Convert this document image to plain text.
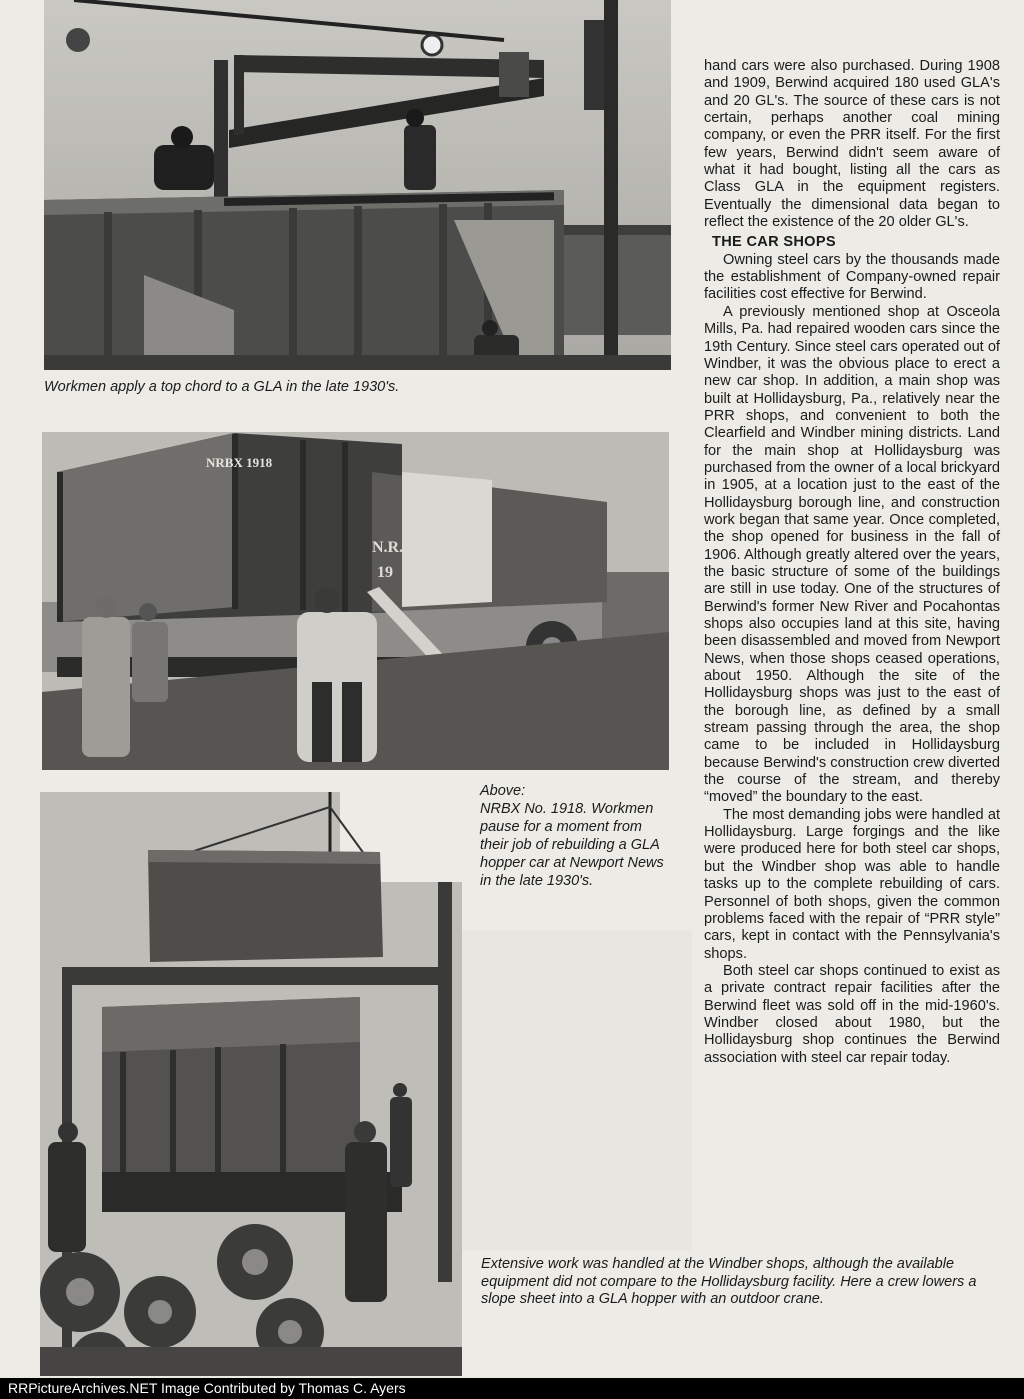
Workmen apply a top chord to a GLA in the late 1930's.
NRBX 1918
N.R.
19
Above:
NRBX No. 1918. Workmen pause for a moment from their job of rebuilding a GLA hopper car at Newport News in the late 1930's.
Extensive work was handled at the Windber shops, although the available equipment did not compare to the Hollidaysburg facility. Here a crew lowers a slope sheet into a GLA hopper with an outdoor crane.

hand cars were also purchased. During 1908 and 1909, Berwind acquired 180 used GLA's and 20 GL's. The source of these cars is not certain, perhaps another coal mining company, or even the PRR itself. For the first few years, Berwind didn't seem aware of what it had bought, listing all the cars as Class GLA in the equipment registers. Eventually the dimensional data began to reflect the existence of the 20 older GL's.

THE CAR SHOPS

Owning steel cars by the thousands made the establishment of Company-owned repair facilities cost effective for Berwind.

A previously mentioned shop at Osceola Mills, Pa. had repaired wooden cars since the 19th Century. Since steel cars operated out of Windber, it was the obvious place to erect a new car shop. In addition, a main shop was built at Hollidaysburg, Pa., relatively near the PRR shops, and convenient to both the Clearfield and Windber mining districts. Land for the main shop at Hollidaysburg was purchased from the owner of a local brickyard in 1905, at a location just to the east of the Hollidaysburg borough line, and construction work began that same year. Once completed, the shop opened for business in the fall of 1906. Although greatly altered over the years, the basic structure of some of the buildings are still in use today. One of the structures of Berwind's former New River and Pocahontas shops also occupies land at this site, having been disassembled and moved from Newport News, when those shops ceased operations, about 1950. Although the site of the Hollidaysburg shops was just to the east of the borough line, as defined by a small stream passing through the area, the shop came to be included in Hollidaysburg because Berwind's construction crew diverted the course of the stream, and thereby “moved” the boundary to the east.

The most demanding jobs were handled at Hollidaysburg. Large forgings and the like were produced here for both steel car shops, but the Windber shop was able to handle tasks up to the complete rebuilding of cars. Personnel of both shops, given the common problems faced with the repair of “PRR style” cars, kept in contact with the Pennsylvania's shops.

Both steel car shops continued to exist as a private contract repair facilities after the Berwind fleet was sold off in the mid-1960's. Windber closed about 1980, but the Hollidaysburg shop continues the Berwind association with steel car repair today.

RRPictureArchives.NET Image Contributed by Thomas C. Ayers
